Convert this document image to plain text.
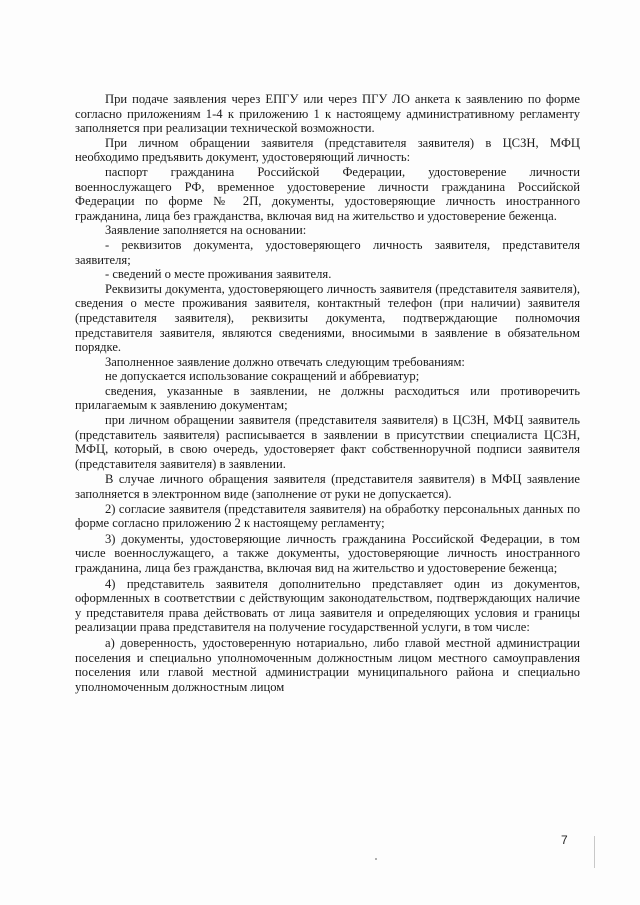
При подаче заявления через ЕПГУ или через ПГУ ЛО анкета к заявлению по форме согласно приложениям 1-4 к приложению 1 к настоящему административному регламенту заполняется при реализации технической возможности.

При личном обращении заявителя (представителя заявителя) в ЦСЗН, МФЦ необходимо предъявить документ, удостоверяющий личность:

паспорт гражданина Российской Федерации, удостоверение личности военнослужащего РФ, временное удостоверение личности гражданина Российской Федерации по форме № 2П, документы, удостоверяющие личность иностранного гражданина, лица без гражданства, включая вид на жительство и удостоверение беженца.

Заявление заполняется на основании:

- реквизитов документа, удостоверяющего личность заявителя, представителя заявителя;

- сведений о месте проживания заявителя.

Реквизиты документа, удостоверяющего личность заявителя (представителя заявителя), сведения о месте проживания заявителя, контактный телефон (при наличии) заявителя (представителя заявителя), реквизиты документа, подтверждающие полномочия представителя заявителя, являются сведениями, вносимыми в заявление в обязательном порядке.

Заполненное заявление должно отвечать следующим требованиям:

не допускается использование сокращений и аббревиатур;

сведения, указанные в заявлении, не должны расходиться или противоречить прилагаемым к заявлению документам;

при личном обращении заявителя (представителя заявителя) в ЦСЗН, МФЦ заявитель (представитель заявителя) расписывается в заявлении в присутствии специалиста ЦСЗН, МФЦ, который, в свою очередь, удостоверяет факт собственноручной подписи заявителя (представителя заявителя) в заявлении.

В случае личного обращения заявителя (представителя заявителя) в МФЦ заявление заполняется в электронном виде (заполнение от руки не допускается).

2) согласие заявителя (представителя заявителя) на обработку персональных данных по форме согласно приложению 2 к настоящему регламенту;

3) документы, удостоверяющие личность гражданина Российской Федерации, в том числе военнослужащего, а также документы, удостоверяющие личность иностранного гражданина, лица без гражданства, включая вид на жительство и удостоверение беженца;

4) представитель заявителя дополнительно представляет один из документов, оформленных в соответствии с действующим законодательством, подтверждающих наличие у представителя права действовать от лица заявителя и определяющих условия и границы реализации права представителя на получение государственной услуги, в том числе:

а) доверенность, удостоверенную нотариально, либо главой местной администрации поселения и специально уполномоченным должностным лицом местного самоуправления поселения или главой местной администрации муниципального района и специально уполномоченным должностным лицом

7
